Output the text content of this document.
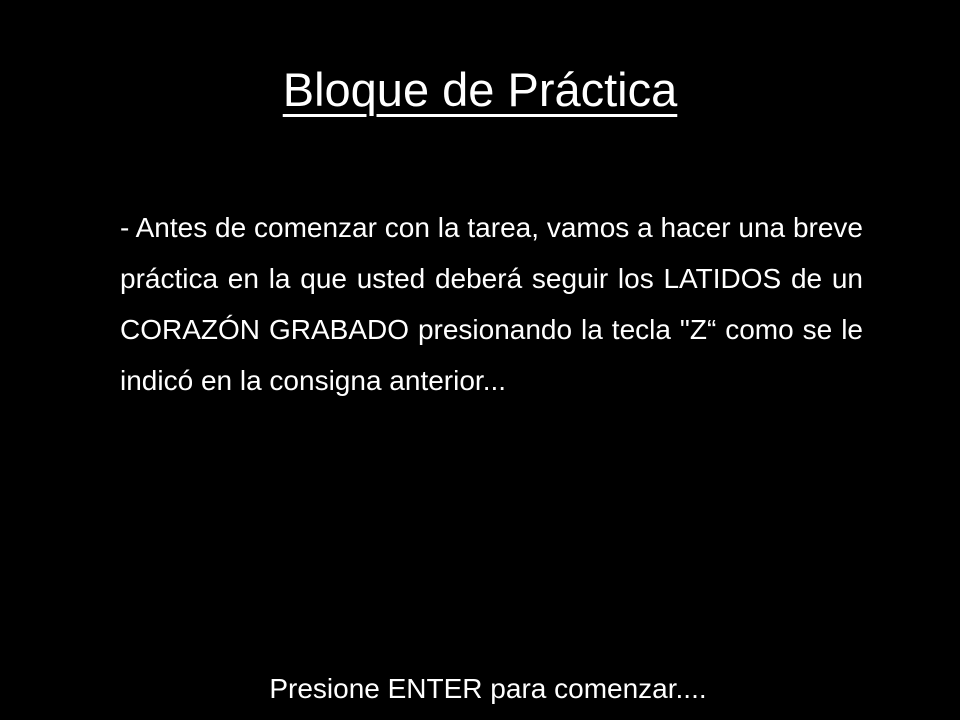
Bloque de Práctica

- Antes de comenzar con la tarea, vamos a hacer una breve práctica en la que usted deberá seguir los LATIDOS de un CORAZÓN GRABADO presionando la tecla "Z“ como se le indicó en la consigna anterior...

Presione ENTER para comenzar....
